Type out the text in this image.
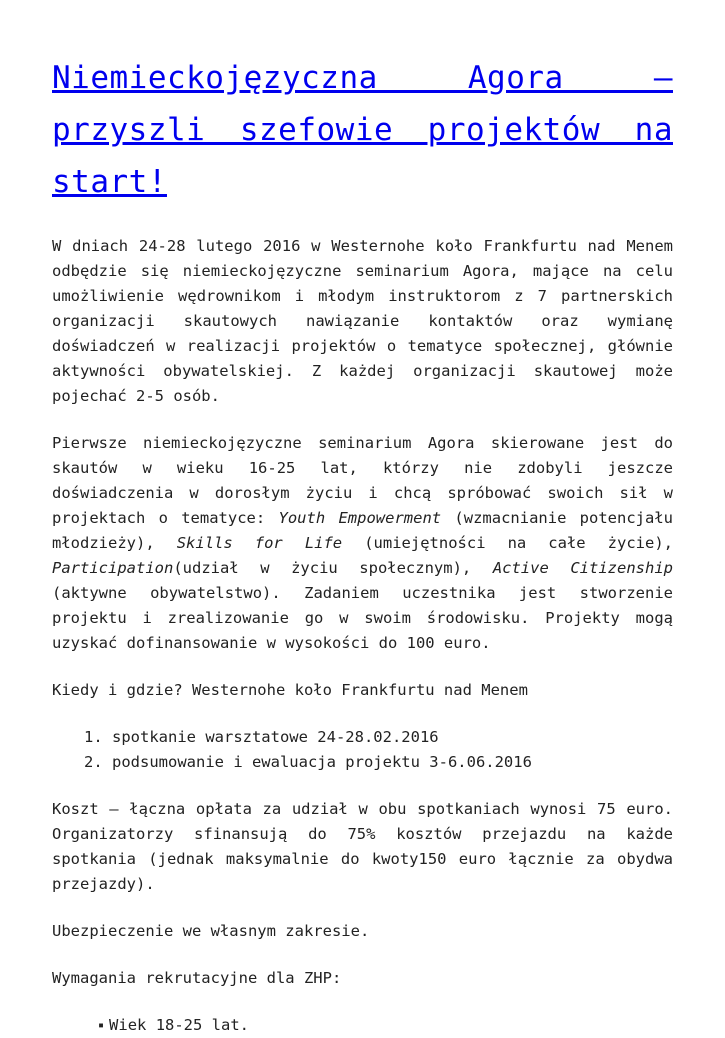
Niemieckojęzyczna Agora – przyszli szefowie projektów na start!

W dniach 24-28 lutego 2016 w Westernohe koło Frankfurtu nad Menem odbędzie się niemieckojęzyczne seminarium Agora, mające na celu umożliwienie wędrownikom i młodym instruktorom z 7 partnerskich organizacji skautowych nawiązanie kontaktów oraz wymianę doświadczeń w realizacji projektów o tematyce społecznej, głównie aktywności obywatelskiej. Z każdej organizacji skautowej może pojechać 2-5 osób.

Pierwsze niemieckojęzyczne seminarium Agora skierowane jest do skautów w wieku 16-25 lat, którzy nie zdobyli jeszcze doświadczenia w dorosłym życiu i chcą spróbować swoich sił w projektach o tematyce: Youth Empowerment (wzmacnianie potencjału młodzieży), Skills for Life (umiejętności na całe życie), Participation(udział w życiu społecznym), Active Citizenship (aktywne obywatelstwo). Zadaniem uczestnika jest stworzenie projektu i zrealizowanie go w swoim środowisku. Projekty mogą uzyskać dofinansowanie w wysokości do 100 euro.

Kiedy i gdzie? Westernohe koło Frankfurtu nad Menem

1. spotkanie warsztatowe 24-28.02.2016
2. podsumowanie i ewaluacja projektu 3-6.06.2016

Koszt – łączna opłata za udział w obu spotkaniach wynosi 75 euro. Organizatorzy sfinansują do 75% kosztów przejazdu na każde spotkania (jednak maksymalnie do kwoty150 euro łącznie za obydwa przejazdy).

Ubezpieczenie we własnym zakresie.

Wymagania rekrutacyjne dla ZHP:

▪ Wiek 18-25 lat.
